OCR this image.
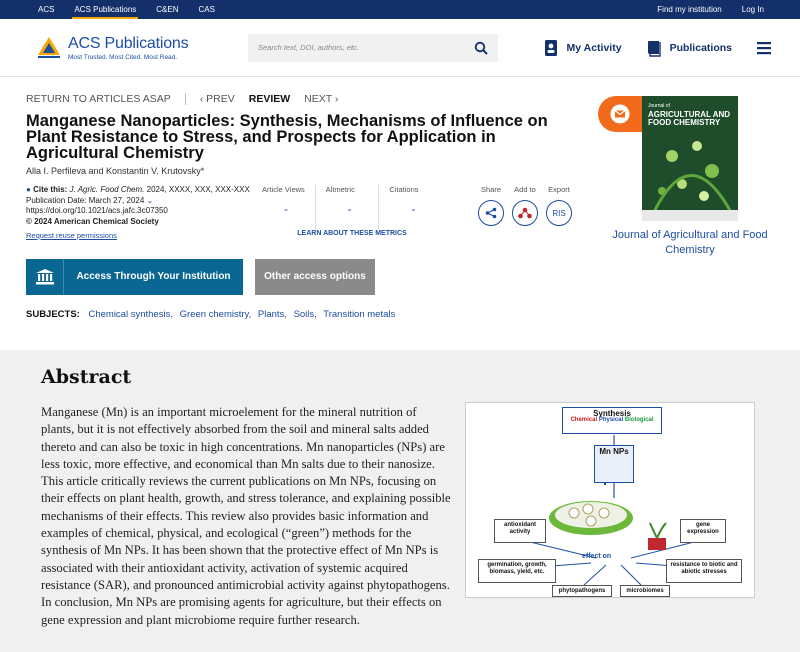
ACS	ACS Publications	C&EN	CAS	Find my institution	Log In
ACS Publications
Most Trusted. Most Cited. Most Read.
Search text, DOI, authors, etc.	My Activity	Publications
RETURN TO ARTICLES ASAP	‹ PREV REVIEW NEXT ›
Manganese Nanoparticles: Synthesis, Mechanisms of Influence on Plant Resistance to Stress, and Prospects for Application in Agricultural Chemistry
Alla I. Perfileva and Konstantin V. Krutovsky*
● Cite this: J. Agric. Food Chem. 2024, XXXX, XXX, XXX-XXX
Publication Date: March 27, 2024 ⌄
https://doi.org/10.1021/acs.jafc.3c07350
© 2024 American Chemical Society
Request reuse permissions
Article Views
-
Altmetric
-
Citations
-
LEARN ABOUT THESE METRICS
Share	Add to Export
RIS
Access Through Your Institution	Other access options
SUBJECTS: Chemical synthesis, Green chemistry, Plants, Soils, Transition metals
Journal of
AGRICULTURAL AND FOOD CHEMISTRY
Journal of Agricultural and Food Chemistry
Abstract

Manganese (Mn) is an important microelement for the mineral nutrition of plants, but it is not effectively absorbed from the soil and mineral salts added thereto and can also be toxic in high concentrations. Mn nanoparticles (NPs) are less toxic, more effective, and economical than Mn salts due to their nanosize. This article critically reviews the current publications on Mn NPs, focusing on their effects on plant health, growth, and stress tolerance, and explaining possible mechanisms of their effects. This review also provides basic information and examples of chemical, physical, and ecological (“green”) methods for the synthesis of Mn NPs. It has been shown that the protective effect of Mn NPs is associated with their antioxidant activity, activation of systemic acquired resistance (SAR), and pronounced antimicrobial activity against phytopathogens. In conclusion, Mn NPs are promising agents for agriculture, but their effects on gene expression and plant microbiome require further research.

Synthesis
Chemical Physical Biological
Mn NPs
antioxidant activity
gene expression
effect on
germination, growth, biomass, yield, etc.
resistance to biotic and abiotic stresses
phytopathogens	microbiomes
